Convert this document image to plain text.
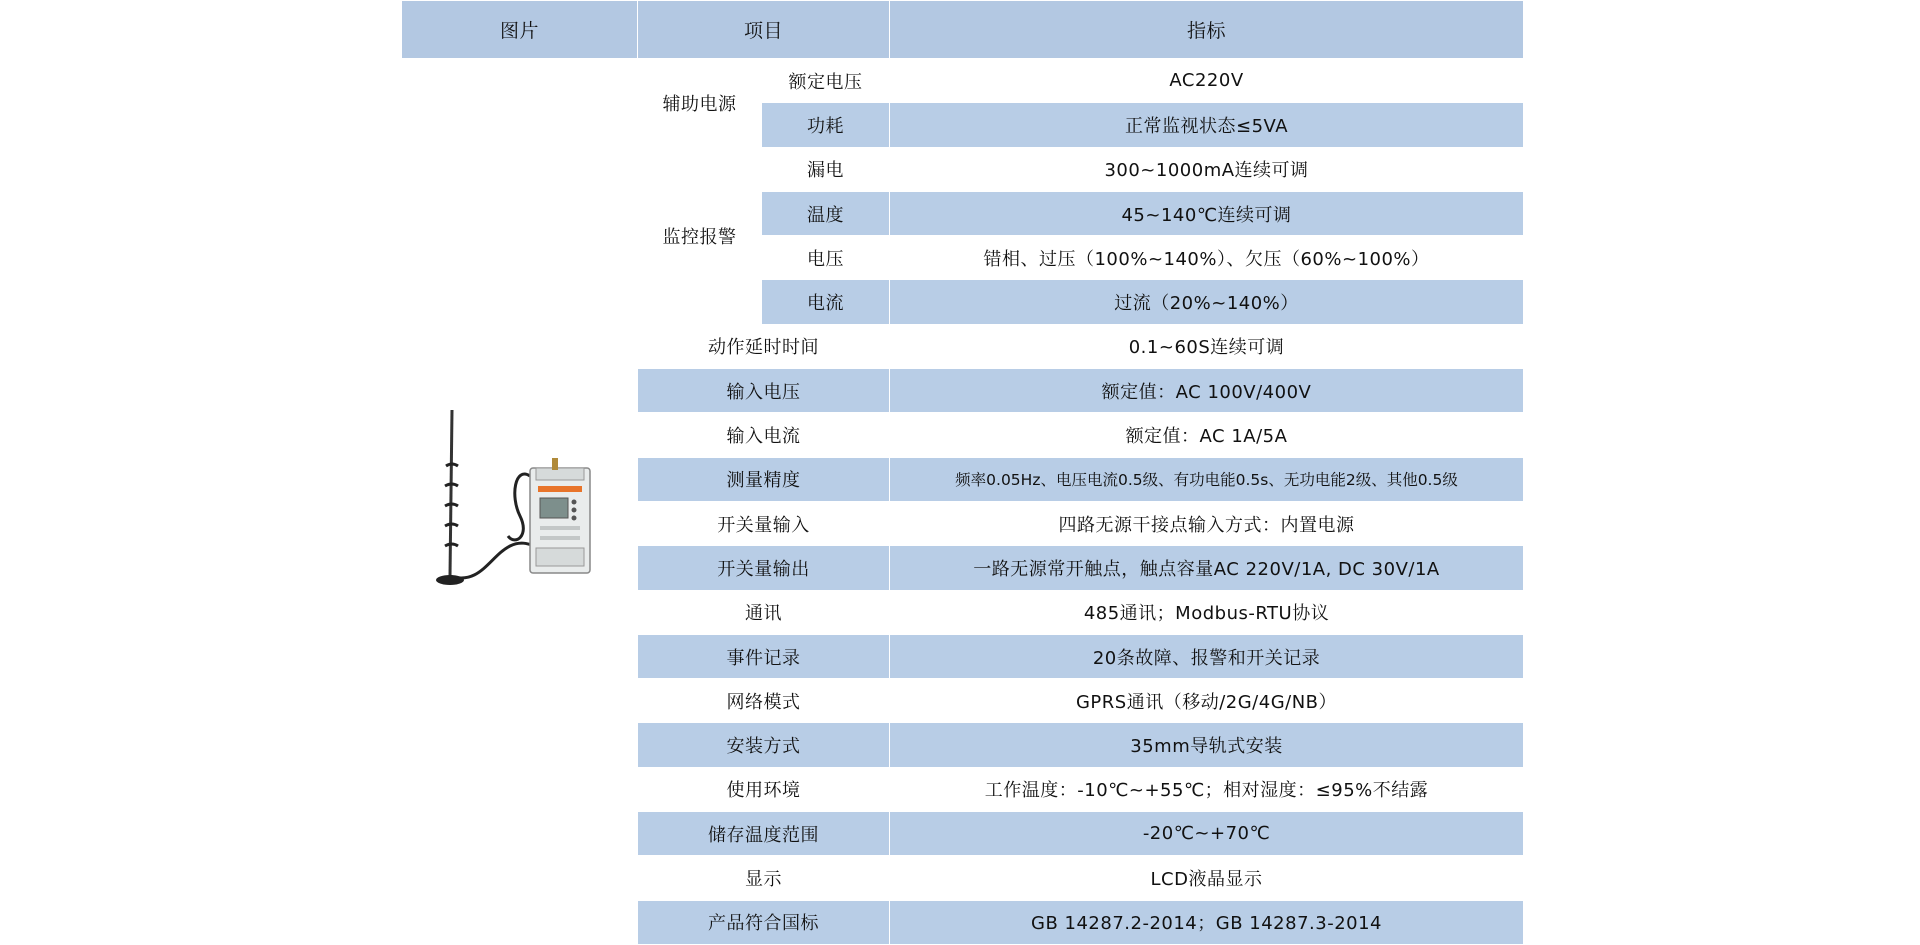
图片	项目		指标

	辅助电源	额定电压	AC220V
		功耗	正常监视状态≤5VA
	监控报警	漏电	300~1000mA连续可调
		温度	45~140℃连续可调
		电压	错相、过压（100%~140%）、欠压（60%~100%）
		电流	过流（20%~140%）
	动作延时时间		0.1~60S连续可调
	输入电压		额定值：AC 100V/400V
	输入电流		额定值：AC 1A/5A
	测量精度		频率0.05Hz、电压电流0.5级、有功电能0.5s、无功电能2级、其他0.5级
	开关量输入		四路无源干接点输入方式：内置电源
	开关量输出		一路无源常开触点，触点容量AC 220V/1A, DC 30V/1A
	通讯		485通讯；Modbus-RTU协议
	事件记录		20条故障、报警和开关记录
	网络模式		GPRS通讯（移动/2G/4G/NB）
	安装方式		35mm导轨式安装
	使用环境		工作温度：-10℃~+55℃；相对湿度：≤95%不结露
	储存温度范围		-20℃~+70℃
	显示		LCD液晶显示
	产品符合国标		GB 14287.2-2014；GB 14287.3-2014
